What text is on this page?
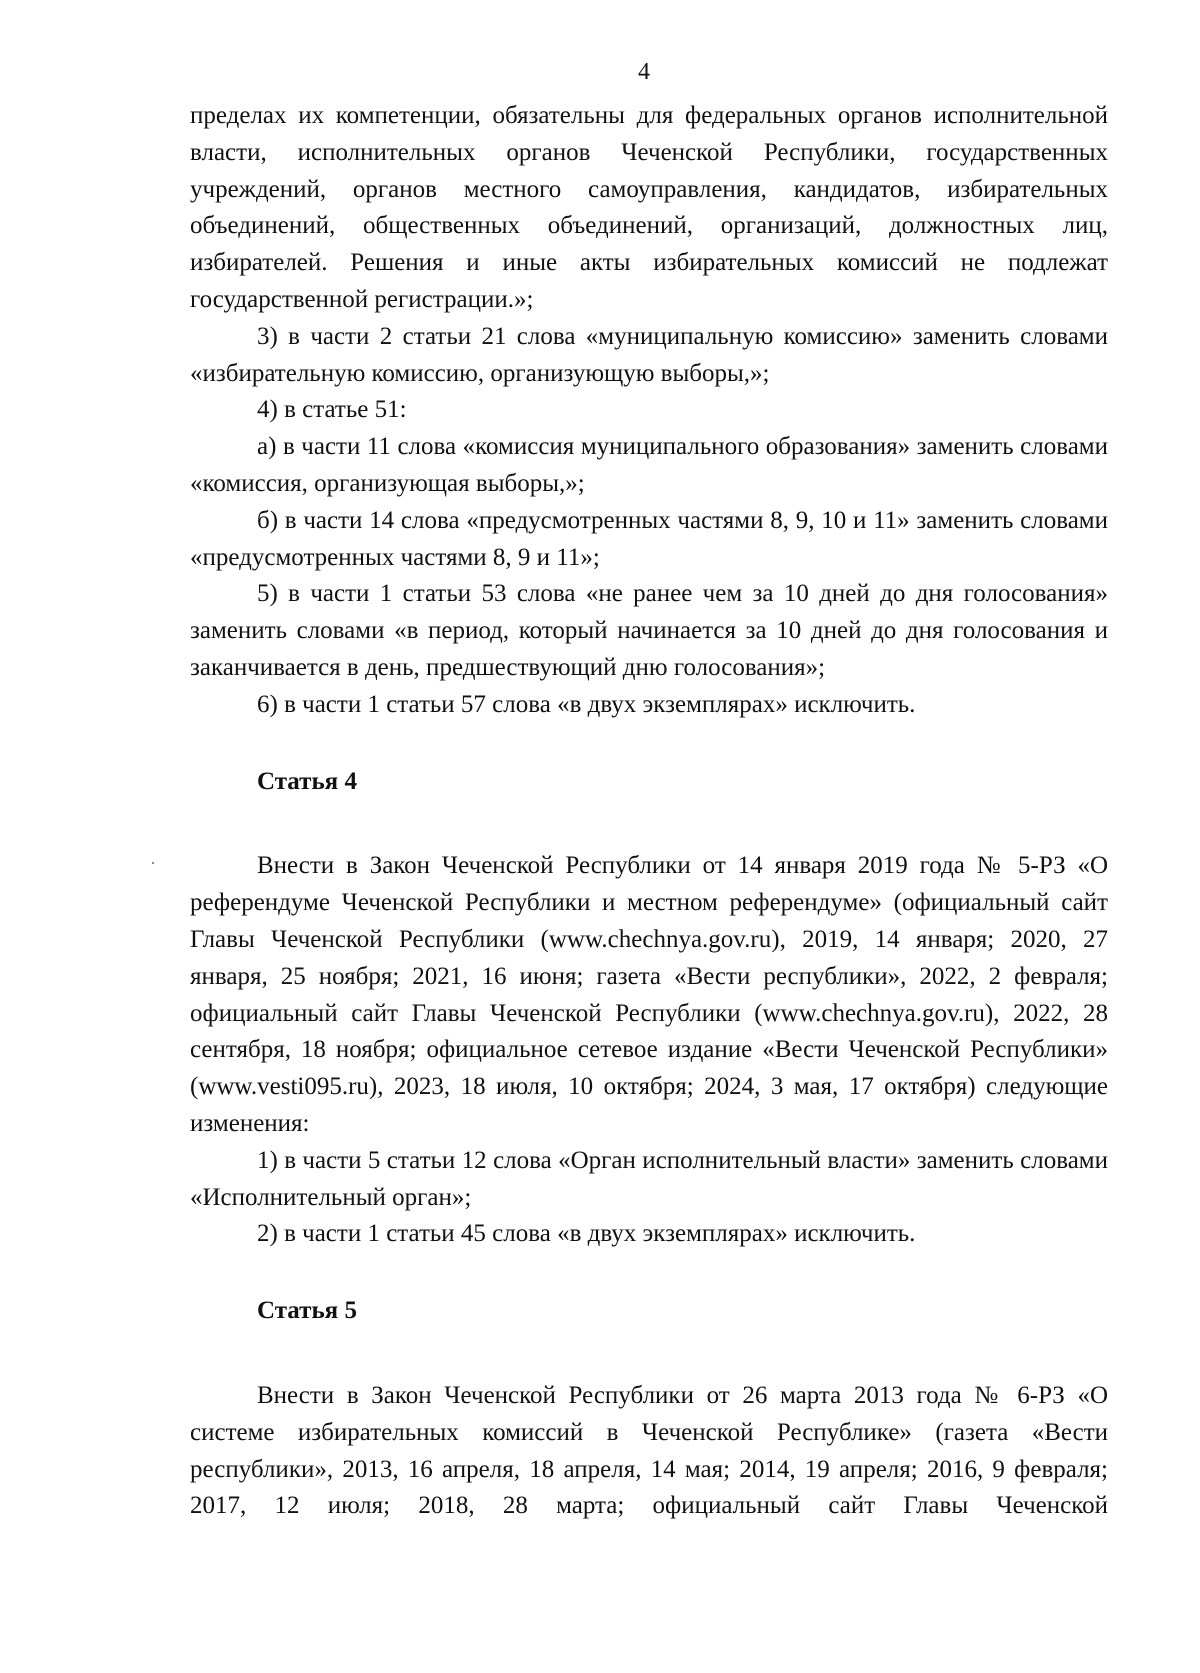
4

пределах их компетенции, обязательны для федеральных органов исполнительной власти, исполнительных органов Чеченской Республики, государственных учреждений, органов местного самоуправления, кандидатов, избирательных объединений, общественных объединений, организаций, должностных лиц, избирателей. Решения и иные акты избирательных комиссий не подлежат государственной регистрации.»;

3) в части 2 статьи 21 слова «муниципальную комиссию» заменить словами «избирательную комиссию, организующую выборы,»;

4) в статье 51:

а) в части 11 слова «комиссия муниципального образования» заменить словами «комиссия, организующая выборы,»;

б) в части 14 слова «предусмотренных частями 8, 9, 10 и 11» заменить словами «предусмотренных частями 8, 9 и 11»;

5) в части 1 статьи 53 слова «не ранее чем за 10 дней до дня голосования» заменить словами «в период, который начинается за 10 дней до дня голосования и заканчивается в день, предшествующий дню голосования»;

6) в части 1 статьи 57 слова «в двух экземплярах» исключить.

Статья 4

Внести в Закон Чеченской Республики от 14 января 2019 года № 5-РЗ «О референдуме Чеченской Республики и местном референдуме» (официальный сайт Главы Чеченской Республики (www.chechnya.gov.ru), 2019, 14 января; 2020, 27 января, 25 ноября; 2021, 16 июня; газета «Вести республики», 2022, 2 февраля; официальный сайт Главы Чеченской Республики (www.chechnya.gov.ru), 2022, 28 сентября, 18 ноября; официальное сетевое издание «Вести Чеченской Республики» (www.vesti095.ru), 2023, 18 июля, 10 октября; 2024, 3 мая, 17 октября) следующие изменения:

1) в части 5 статьи 12 слова «Орган исполнительный власти» заменить словами «Исполнительный орган»;

2) в части 1 статьи 45 слова «в двух экземплярах» исключить.

Статья 5

Внести в Закон Чеченской Республики от 26 марта 2013 года № 6-РЗ «О системе избирательных комиссий в Чеченской Республике» (газета «Вести республики», 2013, 16 апреля, 18 апреля, 14 мая; 2014, 19 апреля; 2016, 9 февраля; 2017, 12 июля; 2018, 28 марта; официальный сайт Главы Чеченской
